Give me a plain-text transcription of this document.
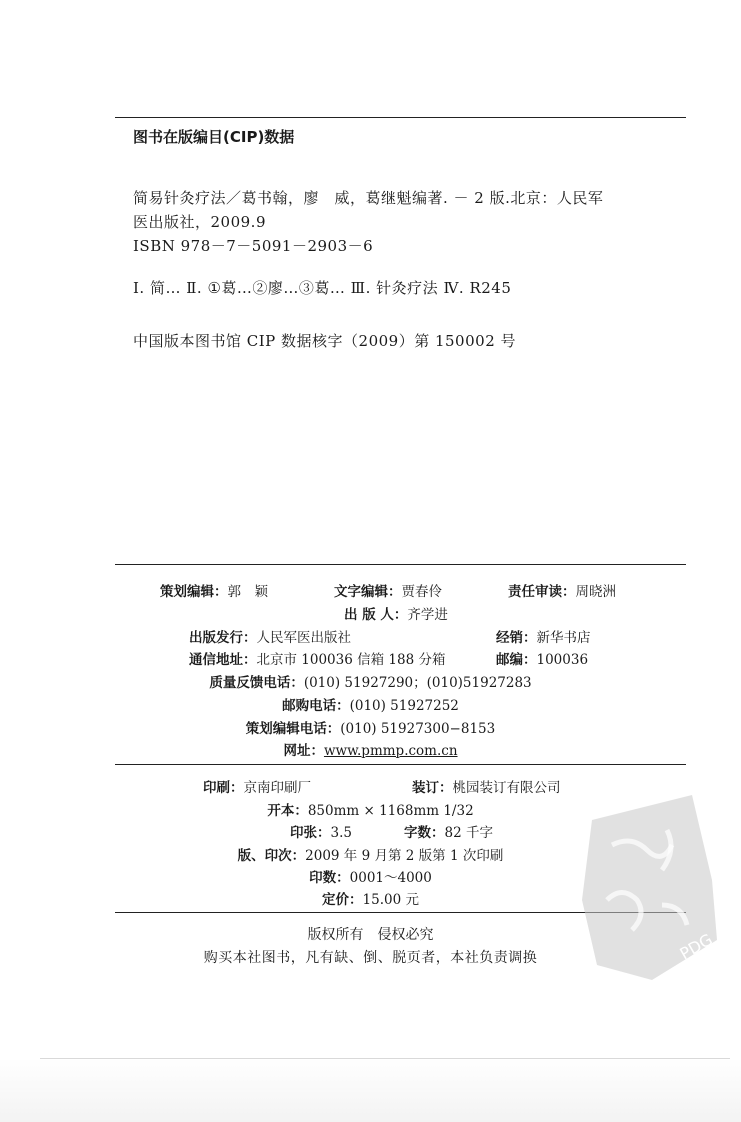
图书在版编目(CIP)数据
简易针灸疗法／葛书翰，廖　威，葛继魁编著. － 2 版.北京：人民军
医出版社，2009.9
ISBN 978－7－5091－2903－6
Ⅰ. 简… Ⅱ. ①葛…②廖…③葛… Ⅲ. 针灸疗法 Ⅳ. R245
中国版本图书馆 CIP 数据核字（2009）第 150002 号
策划编辑：郭　颖	文字编辑：贾春伶	责任审读：周晓洲
出 版 人：齐学进
出版发行：人民军医出版社	经销：新华书店
通信地址：北京市 100036 信箱 188 分箱	邮编：100036
质量反馈电话：(010) 51927290；(010)51927283
邮购电话：(010) 51927252
策划编辑电话：(010) 51927300−8153
网址：www.pmmp.com.cn
印刷：京南印刷厂	装订：桃园装订有限公司
开本：850mm × 1168mm 1/32
印张：3.5	字数：82 千字
版、印次：2009 年 9 月第 2 版第 1 次印刷
印数：0001～4000
定价：15.00 元
版权所有　侵权必究
购买本社图书，凡有缺、倒、脱页者，本社负责调换	PDG
